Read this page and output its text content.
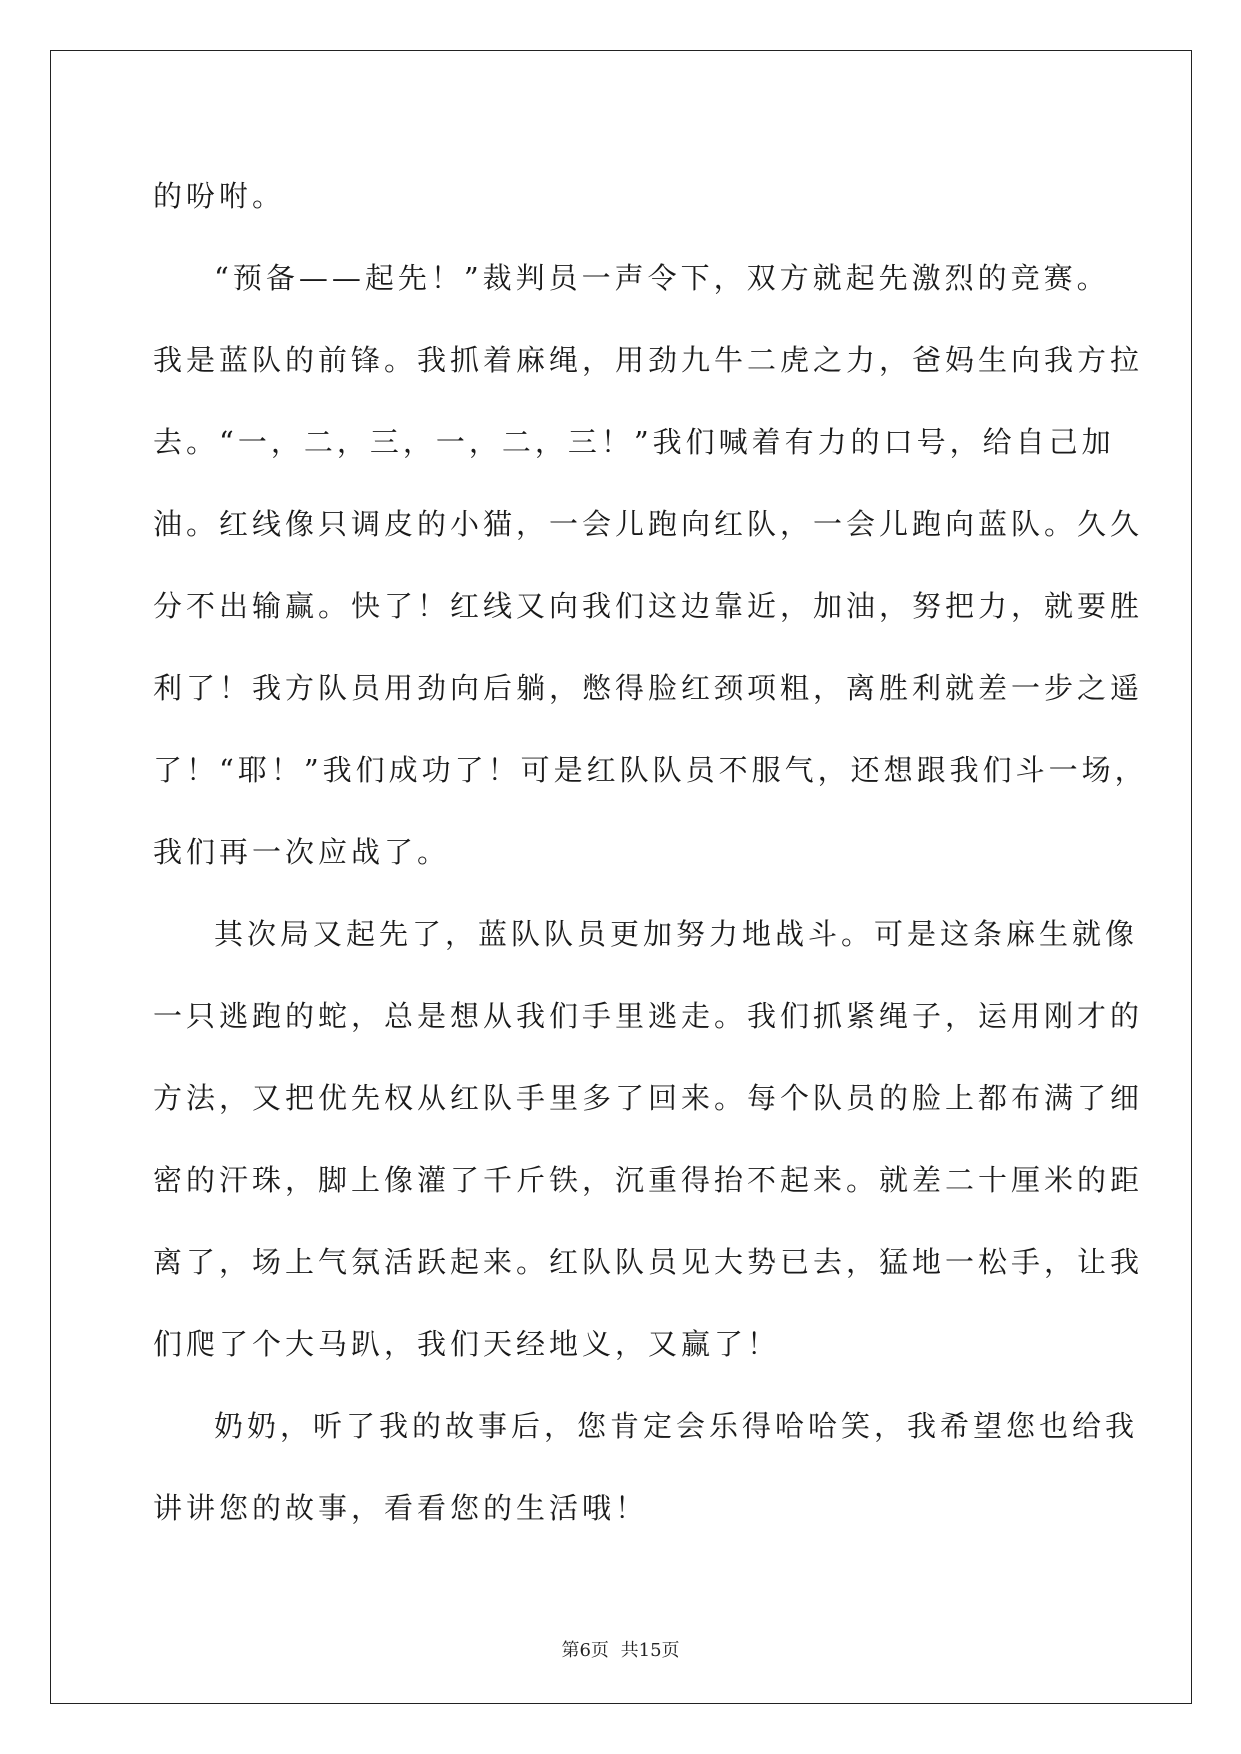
的吩咐。
“预备——起先！”裁判员一声令下，双方就起先激烈的竞赛。
我是蓝队的前锋。我抓着麻绳，用劲九牛二虎之力，爸妈生向我方拉
去。“一，二，三，一，二，三！”我们喊着有力的口号，给自己加
油。红线像只调皮的小猫，一会儿跑向红队，一会儿跑向蓝队。久久
分不出输赢。快了！红线又向我们这边靠近，加油，努把力，就要胜
利了！我方队员用劲向后躺，憋得脸红颈项粗，离胜利就差一步之遥
了！“耶！”我们成功了！可是红队队员不服气，还想跟我们斗一场，
我们再一次应战了。
其次局又起先了，蓝队队员更加努力地战斗。可是这条麻生就像
一只逃跑的蛇，总是想从我们手里逃走。我们抓紧绳子，运用刚才的
方法，又把优先权从红队手里多了回来。每个队员的脸上都布满了细
密的汗珠，脚上像灌了千斤铁，沉重得抬不起来。就差二十厘米的距
离了，场上气氛活跃起来。红队队员见大势已去，猛地一松手，让我
们爬了个大马趴，我们天经地义，又赢了！
奶奶，听了我的故事后，您肯定会乐得哈哈笑，我希望您也给我
讲讲您的故事，看看您的生活哦！
第6页 共15页
